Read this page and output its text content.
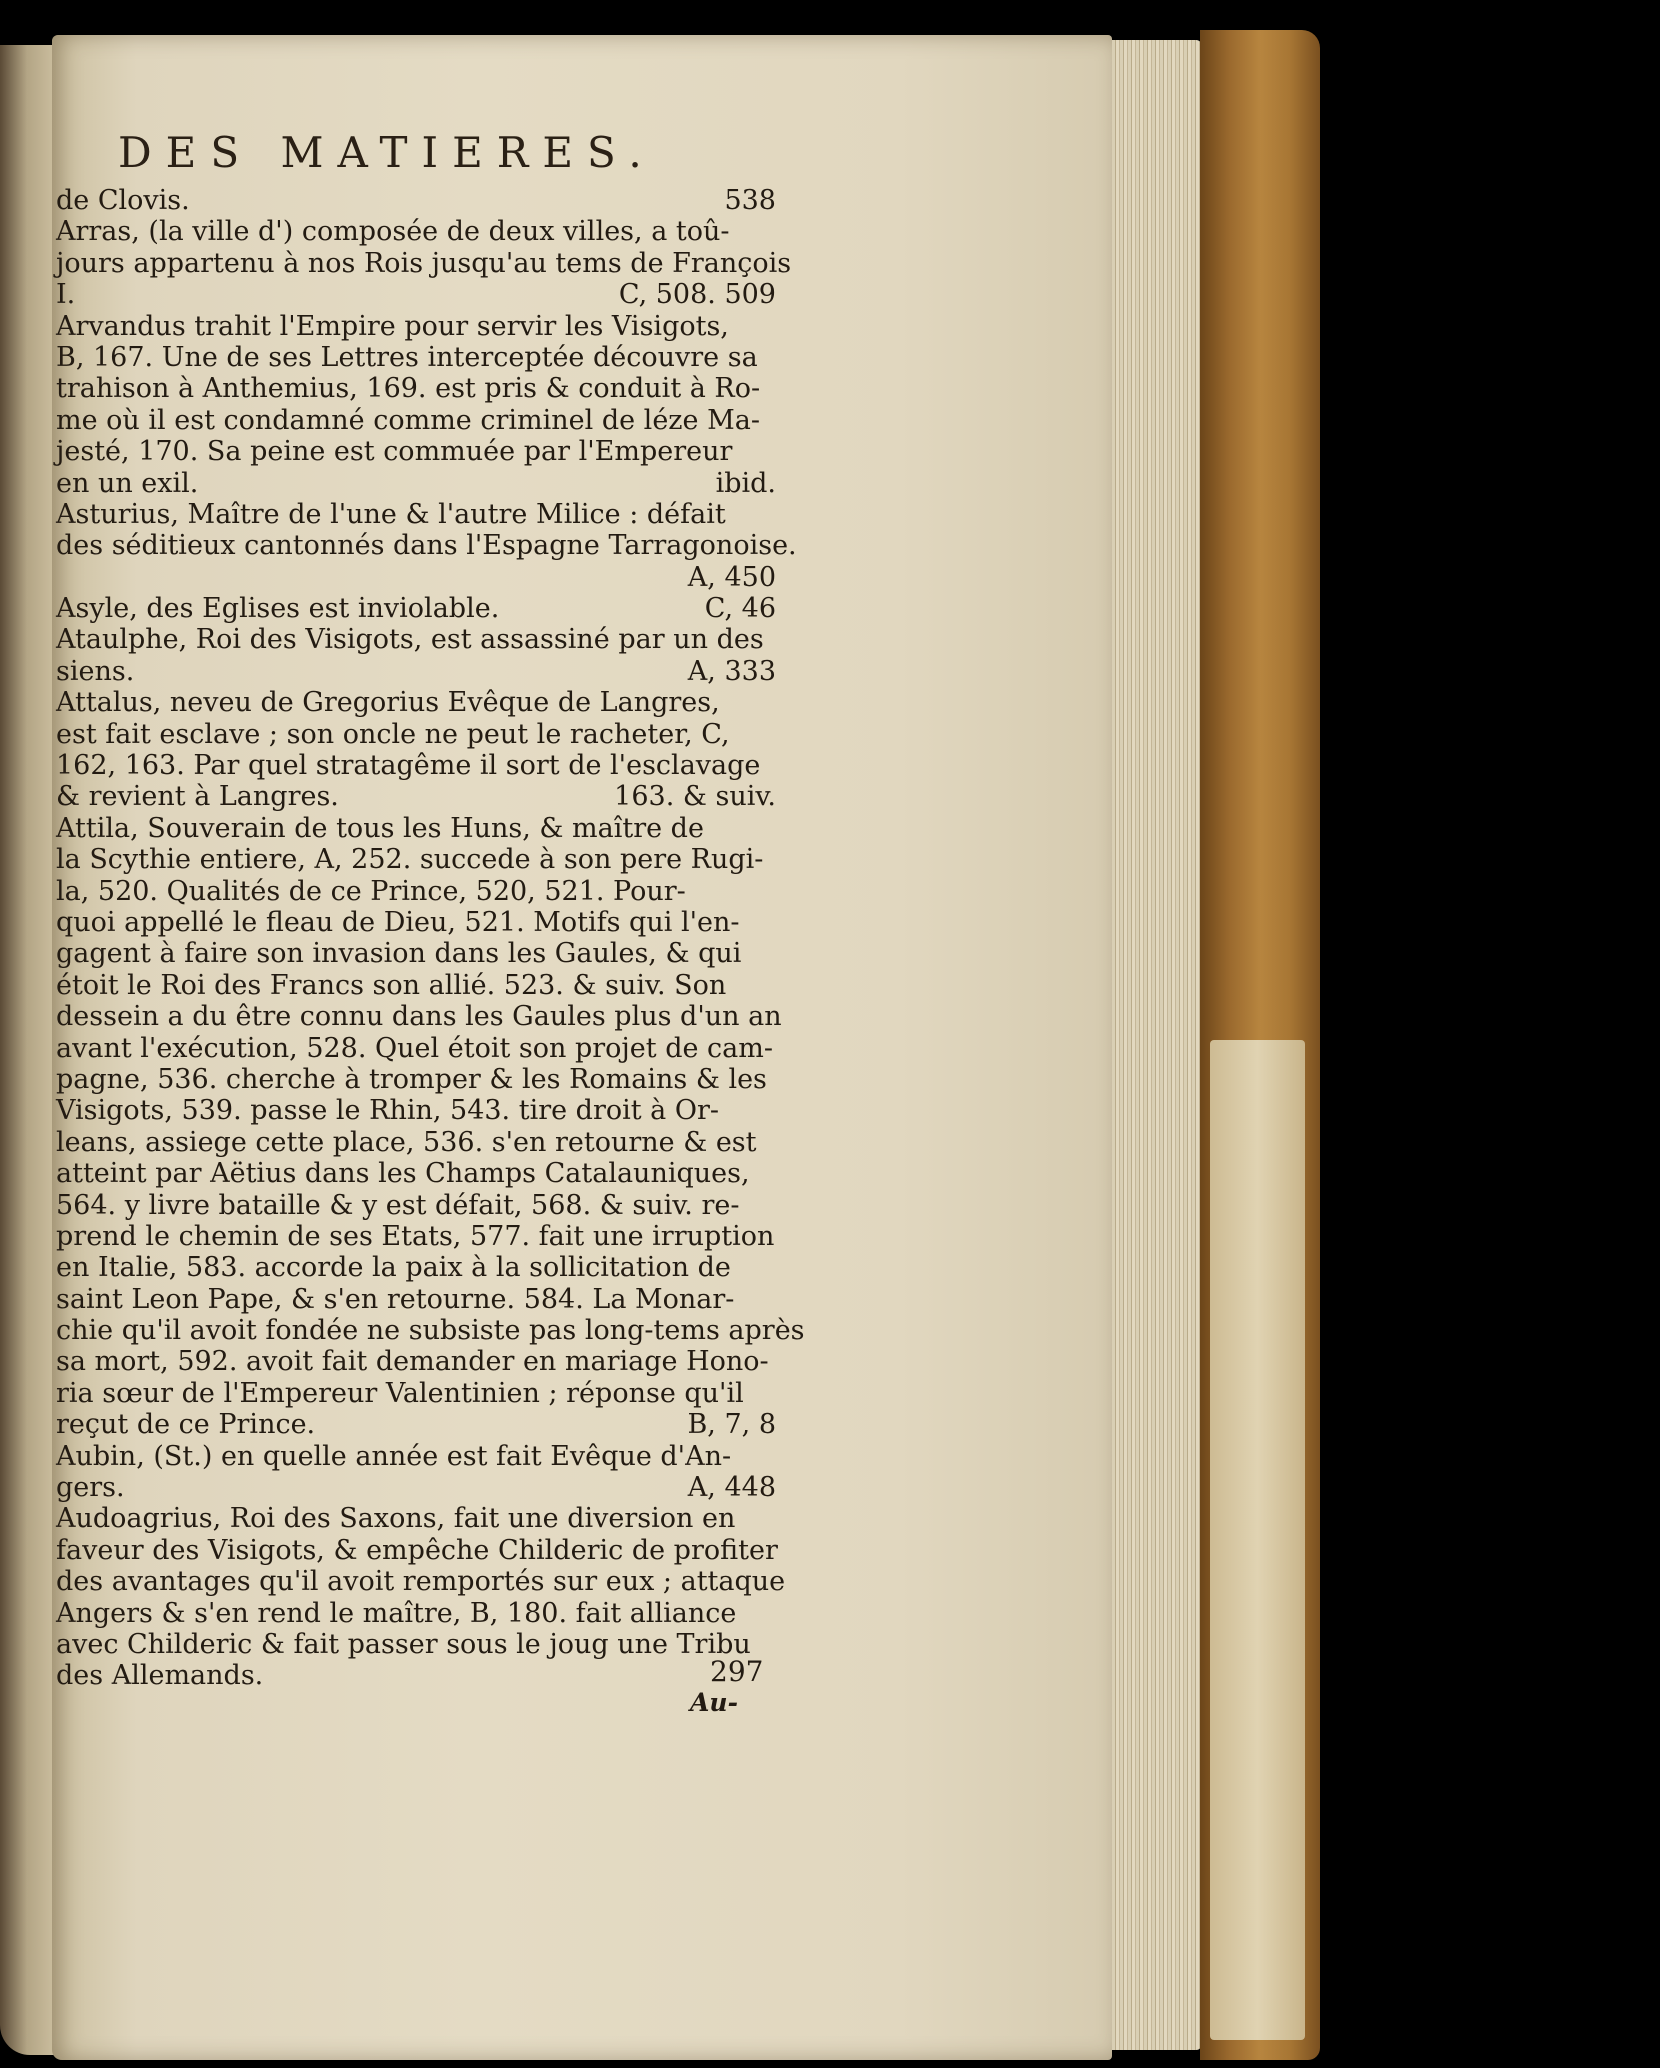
DES MATIERES.
de Clovis.	538
Arras, (la ville d') composée de deux villes, a toû-
jours appartenu à nos Rois jusqu'au tems de François
I.	C, 508. 509
Arvandus trahit l'Empire pour servir les Visigots,
B, 167. Une de ses Lettres interceptée découvre sa
trahison à Anthemius, 169. est pris & conduit à Ro-
me où il est condamné comme criminel de léze Ma-
jesté, 170. Sa peine est commuée par l'Empereur
en un exil.	ibid.
Asturius, Maître de l'une & l'autre Milice : défait
des séditieux cantonnés dans l'Espagne Tarragonoise.
A, 450
Asyle, des Eglises est inviolable.	C, 46
Ataulphe, Roi des Visigots, est assassiné par un des
siens.	A, 333
Attalus, neveu de Gregorius Evêque de Langres,
est fait esclave ; son oncle ne peut le racheter, C,
162, 163. Par quel stratagême il sort de l'esclavage
& revient à Langres.	163. & suiv.
Attila, Souverain de tous les Huns, & maître de
la Scythie entiere, A, 252. succede à son pere Rugi-
la, 520. Qualités de ce Prince, 520, 521. Pour-
quoi appellé le fleau de Dieu, 521. Motifs qui l'en-
gagent à faire son invasion dans les Gaules, & qui
étoit le Roi des Francs son allié. 523. & suiv. Son
dessein a du être connu dans les Gaules plus d'un an
avant l'exécution, 528. Quel étoit son projet de cam-
pagne, 536. cherche à tromper & les Romains & les
Visigots, 539. passe le Rhin, 543. tire droit à Or-
leans, assiege cette place, 536. s'en retourne & est
atteint par Aëtius dans les Champs Catalauniques,
564. y livre bataille & y est défait, 568. & suiv. re-
prend le chemin de ses Etats, 577. fait une irruption
en Italie, 583. accorde la paix à la sollicitation de
saint Leon Pape, & s'en retourne. 584. La Monar-
chie qu'il avoit fondée ne subsiste pas long-tems après
sa mort, 592. avoit fait demander en mariage Hono-
ria sœur de l'Empereur Valentinien ; réponse qu'il
reçut de ce Prince.	B, 7, 8
Aubin, (St.) en quelle année est fait Evêque d'An-
gers.	A, 448
Audoagrius, Roi des Saxons, fait une diversion en
faveur des Visigots, & empêche Childeric de profiter
des avantages qu'il avoit remportés sur eux ; attaque
Angers & s'en rend le maître, B, 180. fait alliance
avec Childeric & fait passer sous le joug une Tribu
des Allemands.	297
Au-
